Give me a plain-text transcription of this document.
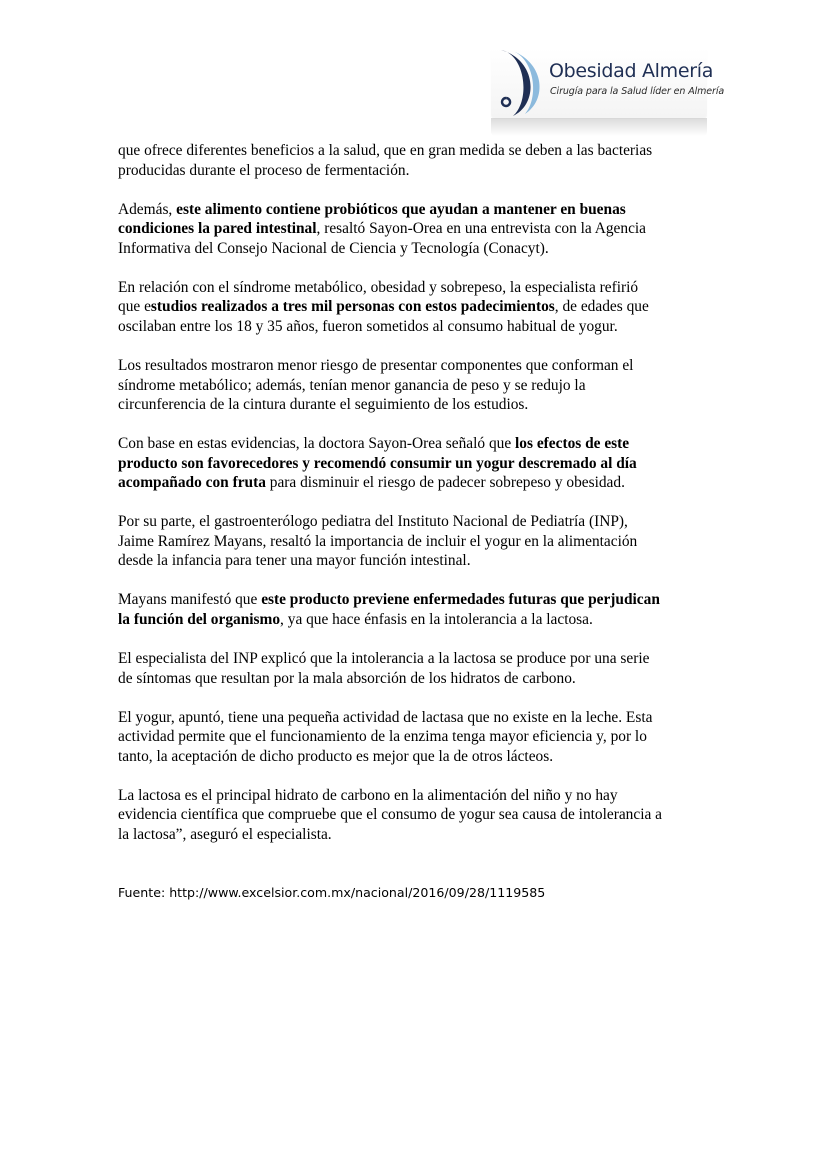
Obesidad Almería
Cirugía para la Salud líder en Almería

que ofrece diferentes beneficios a la salud, que en gran medida se deben a las bacterias
producidas durante el proceso de fermentación.

Además, este alimento contiene probióticos que ayudan a mantener en buenas
condiciones la pared intestinal, resaltó Sayon-Orea en una entrevista con la Agencia
Informativa del Consejo Nacional de Ciencia y Tecnología (Conacyt).

En relación con el síndrome metabólico, obesidad y sobrepeso, la especialista refirió
que estudios realizados a tres mil personas con estos padecimientos, de edades que
oscilaban entre los 18 y 35 años, fueron sometidos al consumo habitual de yogur.

Los resultados mostraron menor riesgo de presentar componentes que conforman el
síndrome metabólico; además, tenían menor ganancia de peso y se redujo la
circunferencia de la cintura durante el seguimiento de los estudios.

Con base en estas evidencias, la doctora Sayon-Orea señaló que los efectos de este
producto son favorecedores y recomendó consumir un yogur descremado al día
acompañado con fruta para disminuir el riesgo de padecer sobrepeso y obesidad.

Por su parte, el gastroenterólogo pediatra del Instituto Nacional de Pediatría (INP),
Jaime Ramírez Mayans, resaltó la importancia de incluir el yogur en la alimentación
desde la infancia para tener una mayor función intestinal.

Mayans manifestó que este producto previene enfermedades futuras que perjudican
la función del organismo, ya que hace énfasis en la intolerancia a la lactosa.

El especialista del INP explicó que la intolerancia a la lactosa se produce por una serie
de síntomas que resultan por la mala absorción de los hidratos de carbono.

El yogur, apuntó, tiene una pequeña actividad de lactasa que no existe en la leche. Esta
actividad permite que el funcionamiento de la enzima tenga mayor eficiencia y, por lo
tanto, la aceptación de dicho producto es mejor que la de otros lácteos.

La lactosa es el principal hidrato de carbono en la alimentación del niño y no hay
evidencia científica que compruebe que el consumo de yogur sea causa de intolerancia a
la lactosa”, aseguró el especialista.

Fuente: http://www.excelsior.com.mx/nacional/2016/09/28/1119585
